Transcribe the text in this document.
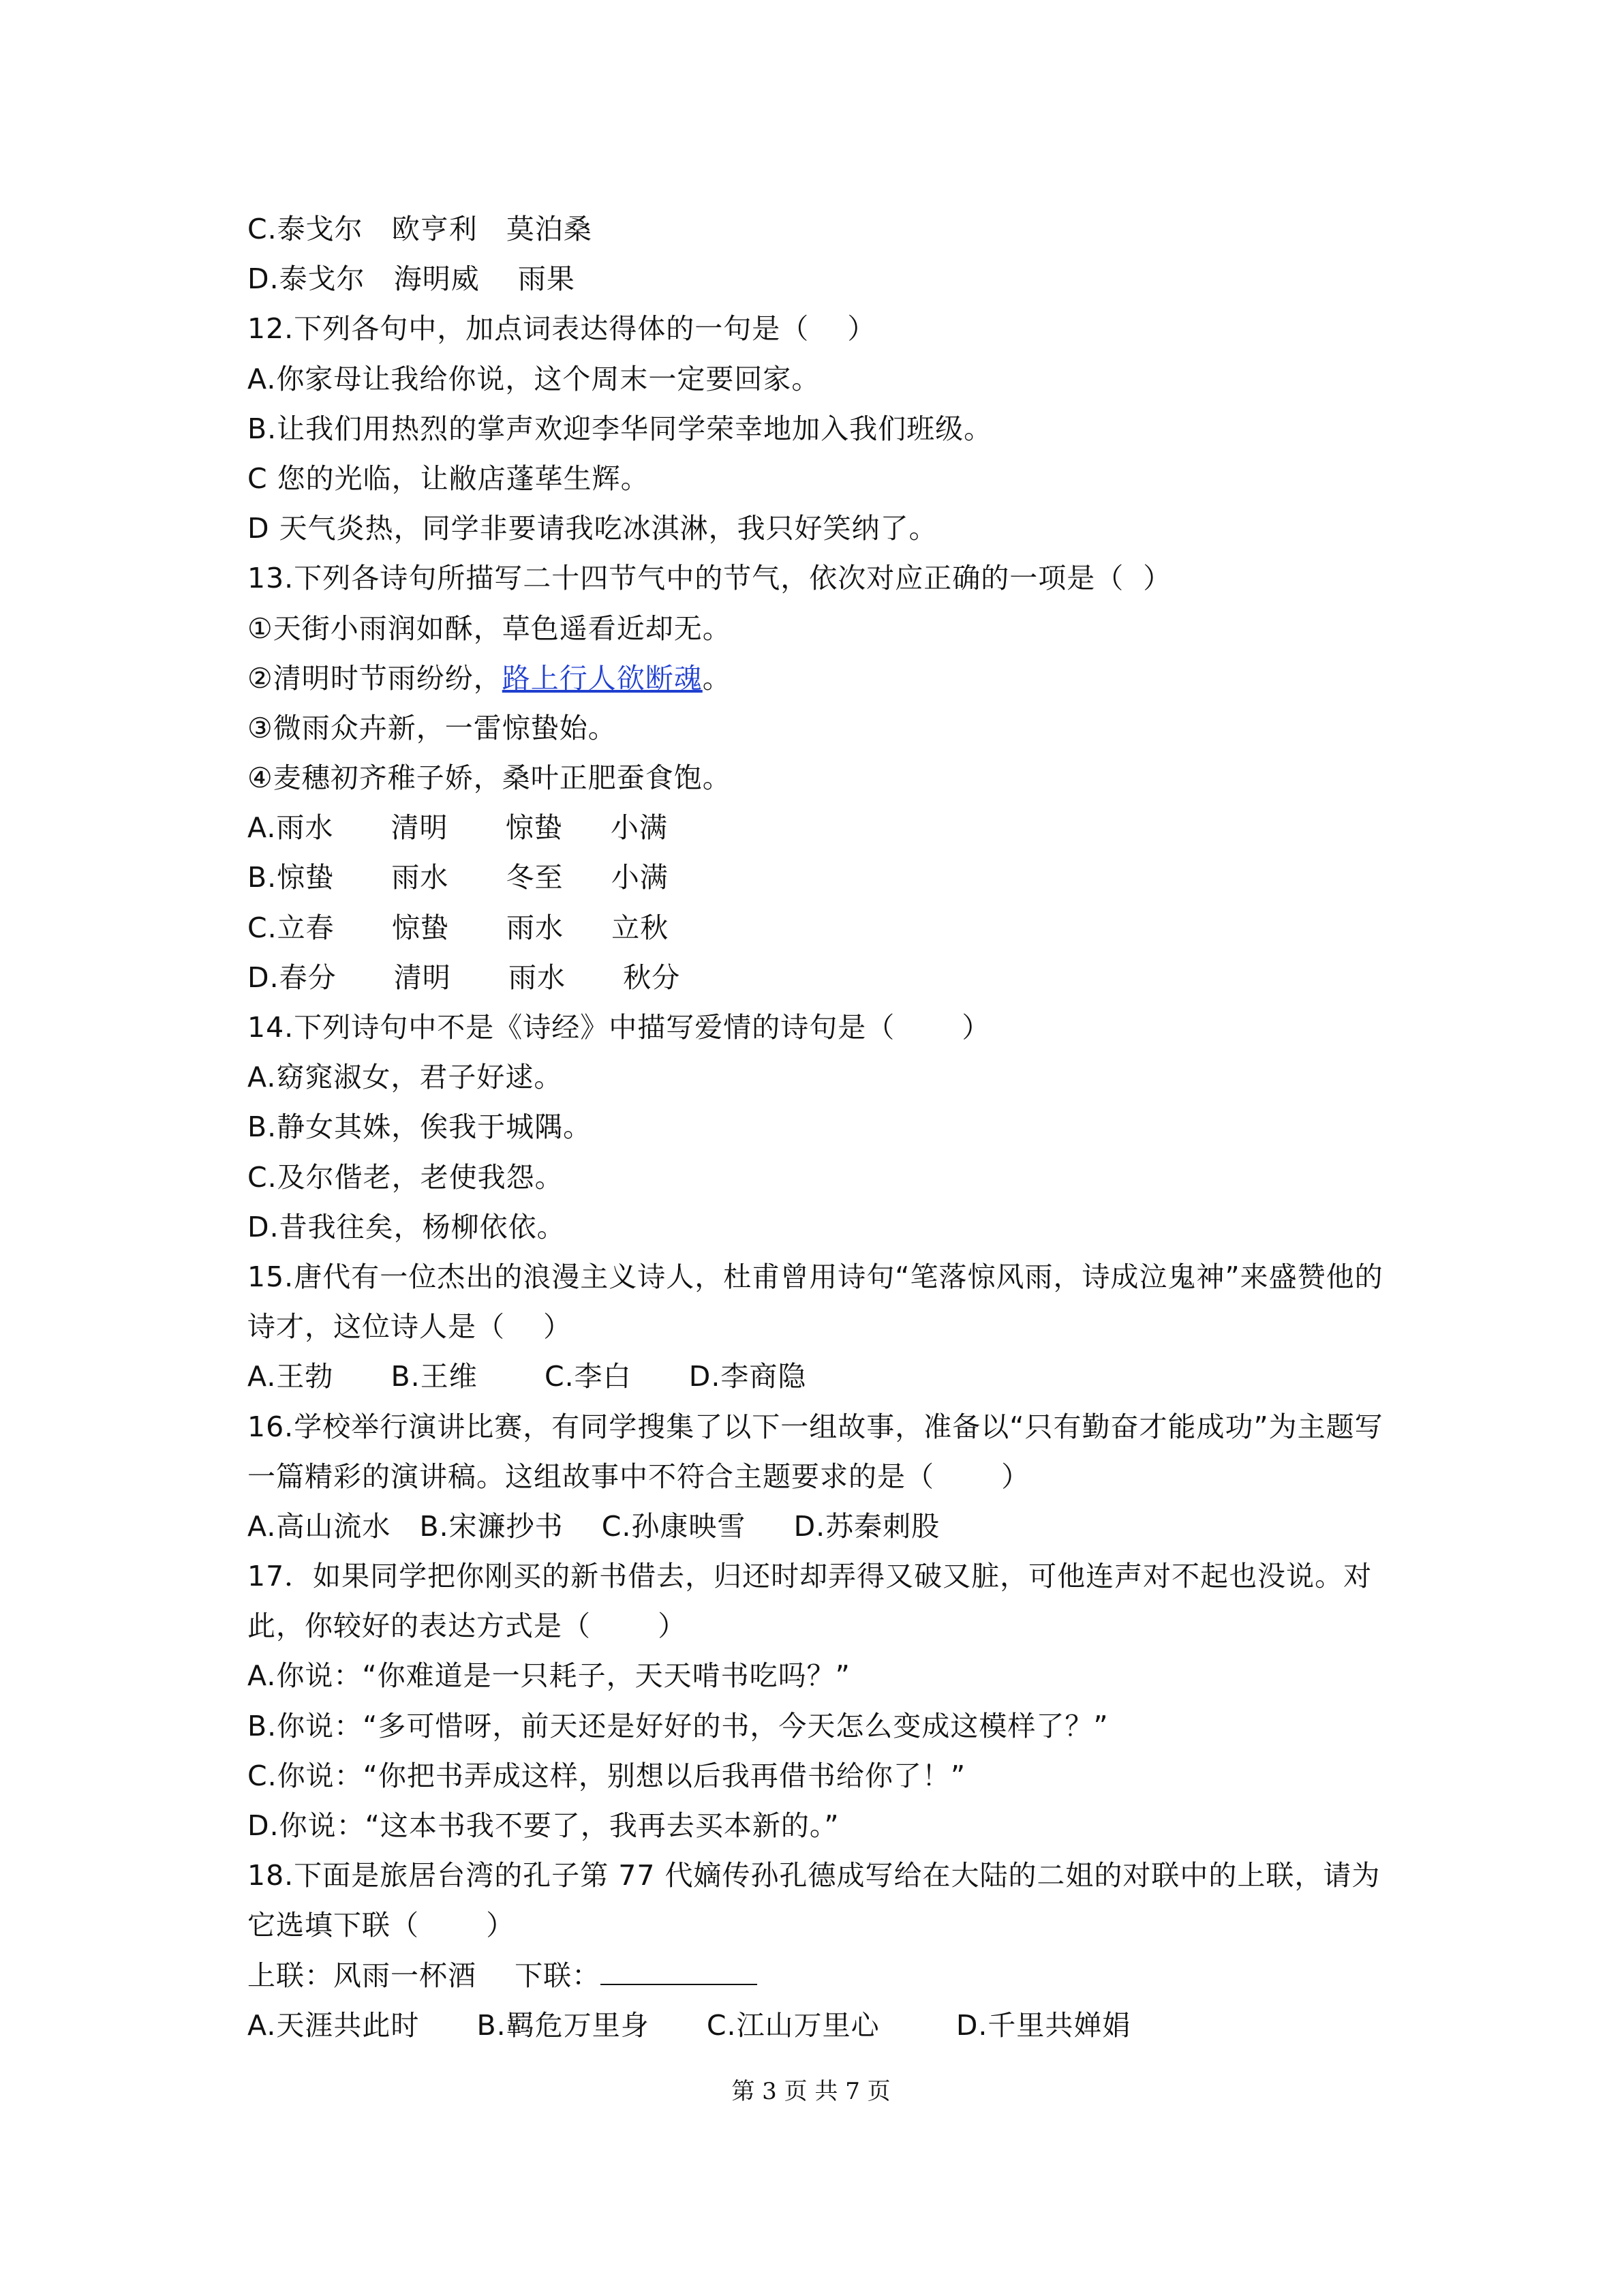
C.泰戈尔   欧亨利   莫泊桑
D.泰戈尔   海明威    雨果
12.下列各句中，加点词表达得体的一句是（    ）
A.你家母让我给你说，这个周末一定要回家。
B.让我们用热烈的掌声欢迎李华同学荣幸地加入我们班级。
C 您的光临，让敝店蓬荜生辉。
D 天气炎热，同学非要请我吃冰淇淋，我只好笑纳了。
13.下列各诗句所描写二十四节气中的节气，依次对应正确的一项是（  ）
①天街小雨润如酥，草色遥看近却无。
②清明时节雨纷纷，路上行人欲断魂。
③微雨众卉新，一雷惊蛰始。
④麦穗初齐稚子娇，桑叶正肥蚕食饱。
A.雨水      清明      惊蛰     小满
B.惊蛰      雨水      冬至     小满
C.立春      惊蛰      雨水     立秋
D.春分      清明      雨水      秋分
14.下列诗句中不是《诗经》中描写爱情的诗句是（       ）
A.窈窕淑女，君子好逑。
B.静女其姝，俟我于城隅。
C.及尔偕老，老使我怨。
D.昔我往矣，杨柳依依。
15.唐代有一位杰出的浪漫主义诗人，杜甫曾用诗句“笔落惊风雨，诗成泣鬼神”来盛赞他的
诗才，这位诗人是（    ）
A.王勃      B.王维       C.李白      D.李商隐
16.学校举行演讲比赛，有同学搜集了以下一组故事，准备以“只有勤奋才能成功”为主题写
一篇精彩的演讲稿。这组故事中不符合主题要求的是（       ）
A.高山流水   B.宋濂抄书    C.孙康映雪     D.苏秦刺股
17．如果同学把你刚买的新书借去，归还时却弄得又破又脏，可他连声对不起也没说。对
此，你较好的表达方式是（       ）
A.你说：“你难道是一只耗子，天天啃书吃吗？”
B.你说：“多可惜呀，前天还是好好的书，今天怎么变成这模样了？”
C.你说：“你把书弄成这样，别想以后我再借书给你了！”
D.你说：“这本书我不要了，我再去买本新的。”
18.下面是旅居台湾的孔子第 77 代嫡传孙孔德成写给在大陆的二姐的对联中的上联，请为
它选填下联（       ）
上联：风雨一杯酒    下联：
A.天涯共此时      B.羁危万里身      C.江山万里心        D.千里共婵娟
第 3 页 共 7 页
